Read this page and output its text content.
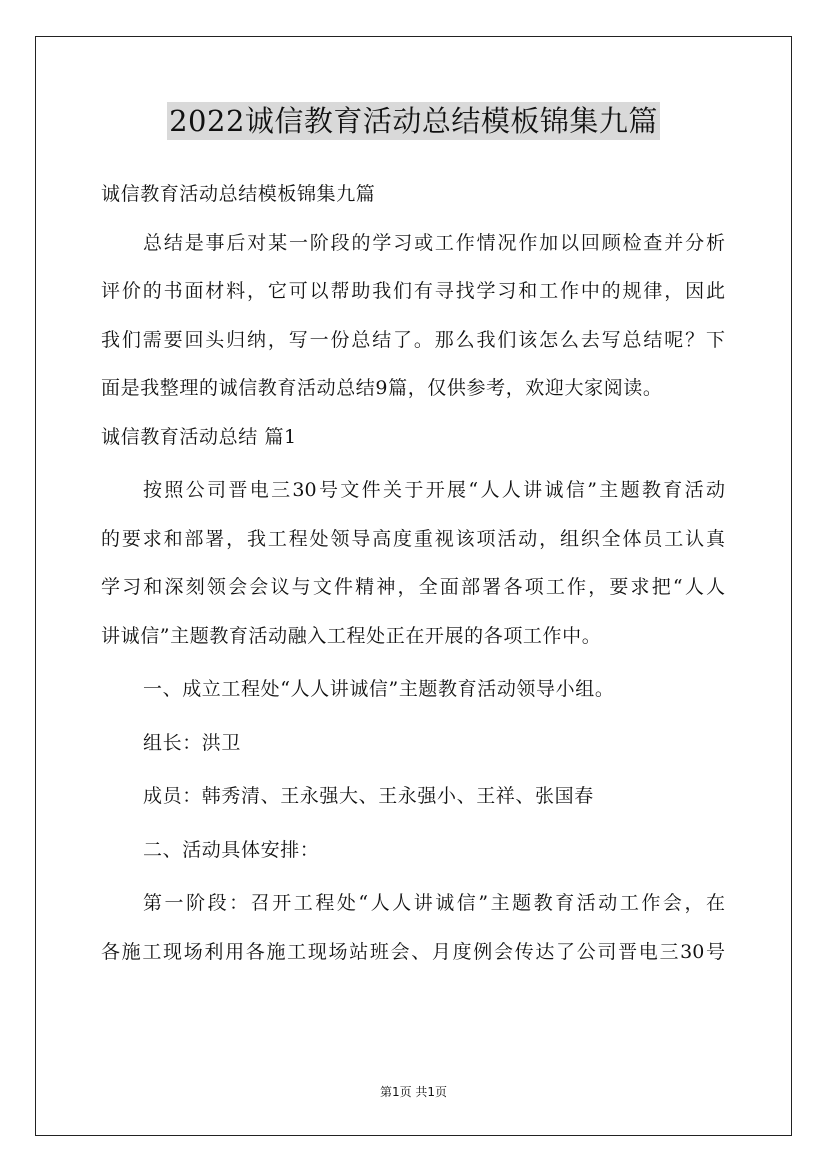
2022诚信教育活动总结模板锦集九篇
诚信教育活动总结模板锦集九篇
总结是事后对某一阶段的学习或工作情况作加以回顾检查并分析
评价的书面材料，它可以帮助我们有寻找学习和工作中的规律，因此
我们需要回头归纳，写一份总结了。那么我们该怎么去写总结呢？下
面是我整理的诚信教育活动总结9篇，仅供参考，欢迎大家阅读。
诚信教育活动总结 篇1
按照公司晋电三30号文件关于开展“人人讲诚信”主题教育活动
的要求和部署，我工程处领导高度重视该项活动，组织全体员工认真
学习和深刻领会会议与文件精神，全面部署各项工作，要求把“人人
讲诚信”主题教育活动融入工程处正在开展的各项工作中。
一、成立工程处“人人讲诚信”主题教育活动领导小组。
组长：洪卫
成员：韩秀清、王永强大、王永强小、王祥、张国春
二、活动具体安排：
第一阶段：召开工程处“人人讲诚信”主题教育活动工作会，在
各施工现场利用各施工现场站班会、月度例会传达了公司晋电三30号
第1页 共1页
